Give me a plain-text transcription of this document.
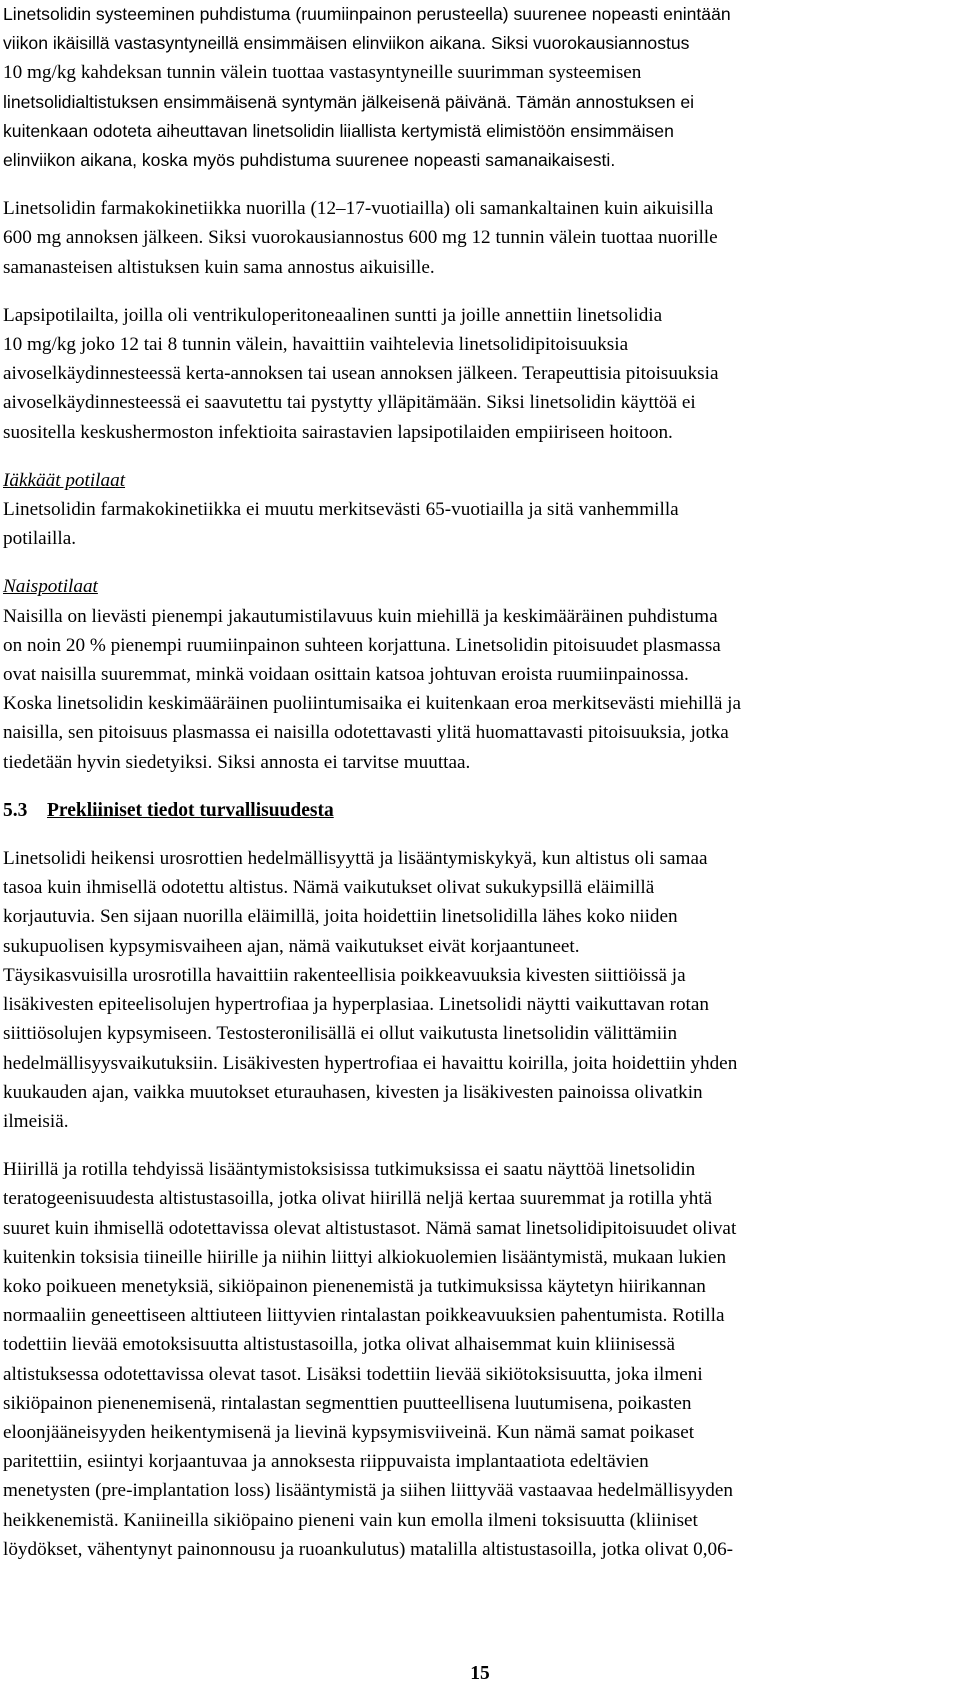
Linetsolidin systeeminen puhdistuma (ruumiinpainon perusteella) suurenee nopeasti enintään
viikon ikäisillä vastasyntyneillä ensimmäisen elinviikon aikana. Siksi vuorokausiannostus
10 mg/kg kahdeksan tunnin välein tuottaa vastasyntyneille suurimman systeemisen
linetsolidialtistuksen ensimmäisenä syntymän jälkeisenä päivänä. Tämän annostuksen ei
kuitenkaan odoteta aiheuttavan linetsolidin liiallista kertymistä elimistöön ensimmäisen
elinviikon aikana, koska myös puhdistuma suurenee nopeasti samanaikaisesti.
Linetsolidin farmakokinetiikka nuorilla (12–17-vuotiailla) oli samankaltainen kuin aikuisilla
600 mg annoksen jälkeen. Siksi vuorokausiannostus 600 mg 12 tunnin välein tuottaa nuorille
samanasteisen altistuksen kuin sama annostus aikuisille.
Lapsipotilailta, joilla oli ventrikuloperitoneaalinen suntti ja joille annettiin linetsolidia
10 mg/kg joko 12 tai 8 tunnin välein, havaittiin vaihtelevia linetsolidipitoisuuksia
aivoselkäydinnesteessä kerta-annoksen tai usean annoksen jälkeen. Terapeuttisia pitoisuuksia
aivoselkäydinnesteessä ei saavutettu tai pystytty ylläpitämään. Siksi linetsolidin käyttöä ei
suositella keskushermoston infektioita sairastavien lapsipotilaiden empiiriseen hoitoon.
Iäkkäät potilaat
Linetsolidin farmakokinetiikka ei muutu merkitsevästi 65-vuotiailla ja sitä vanhemmilla
potilailla.
Naispotilaat
Naisilla on lievästi pienempi jakautumistilavuus kuin miehillä ja keskimääräinen puhdistuma
on noin 20 % pienempi ruumiinpainon suhteen korjattuna. Linetsolidin pitoisuudet plasmassa
ovat naisilla suuremmat, minkä voidaan osittain katsoa johtuvan eroista ruumiinpainossa.
Koska linetsolidin keskimääräinen puoliintumisaika ei kuitenkaan eroa merkitsevästi miehillä ja
naisilla, sen pitoisuus plasmassa ei naisilla odotettavasti ylitä huomattavasti pitoisuuksia, jotka
tiedetään hyvin siedetyiksi. Siksi annosta ei tarvitse muuttaa.
5.3 Prekliiniset tiedot turvallisuudesta
Linetsolidi heikensi urosrottien hedelmällisyyttä ja lisääntymiskykyä, kun altistus oli samaa
tasoa kuin ihmisellä odotettu altistus. Nämä vaikutukset olivat sukukypsillä eläimillä
korjautuvia. Sen sijaan nuorilla eläimillä, joita hoidettiin linetsolidilla lähes koko niiden
sukupuolisen kypsymisvaiheen ajan, nämä vaikutukset eivät korjaantuneet.
Täysikasvuisilla urosrotilla havaittiin rakenteellisia poikkeavuuksia kivesten siittiöissä ja
lisäkivesten epiteelisolujen hypertrofiaa ja hyperplasiaa. Linetsolidi näytti vaikuttavan rotan
siittiösolujen kypsymiseen. Testosteronilisällä ei ollut vaikutusta linetsolidin välittämiin
hedelmällisyysvaikutuksiin. Lisäkivesten hypertrofiaa ei havaittu koirilla, joita hoidettiin yhden
kuukauden ajan, vaikka muutokset eturauhasen, kivesten ja lisäkivesten painoissa olivatkin
ilmeisiä.
Hiirillä ja rotilla tehdyissä lisääntymistoksisissa tutkimuksissa ei saatu näyttöä linetsolidin
teratogeenisuudesta altistustasoilla, jotka olivat hiirillä neljä kertaa suuremmat ja rotilla yhtä
suuret kuin ihmisellä odotettavissa olevat altistustasot. Nämä samat linetsolidipitoisuudet olivat
kuitenkin toksisia tiineille hiirille ja niihin liittyi alkiokuolemien lisääntymistä, mukaan lukien
koko poikueen menetyksiä, sikiöpainon pienenemistä ja tutkimuksissa käytetyn hiirikannan
normaaliin geneettiseen alttiuteen liittyvien rintalastan poikkeavuuksien pahentumista. Rotilla
todettiin lievää emotoksisuutta altistustasoilla, jotka olivat alhaisemmat kuin kliinisessä
altistuksessa odotettavissa olevat tasot. Lisäksi todettiin lievää sikiötoksisuutta, joka ilmeni
sikiöpainon pienenemisenä, rintalastan segmenttien puutteellisena luutumisena, poikasten
eloonjääneisyyden heikentymisenä ja lievinä kypsymisviiveinä. Kun nämä samat poikaset
paritettiin, esiintyi korjaantuvaa ja annoksesta riippuvaista implantaatiota edeltävien
menetysten (pre-implantation loss) lisääntymistä ja siihen liittyvää vastaavaa hedelmällisyyden
heikkenemistä. Kaniineilla sikiöpaino pieneni vain kun emolla ilmeni toksisuutta (kliiniset
löydökset, vähentynyt painonnousu ja ruoankulutus) matalilla altistustasoilla, jotka olivat 0,06-
15
